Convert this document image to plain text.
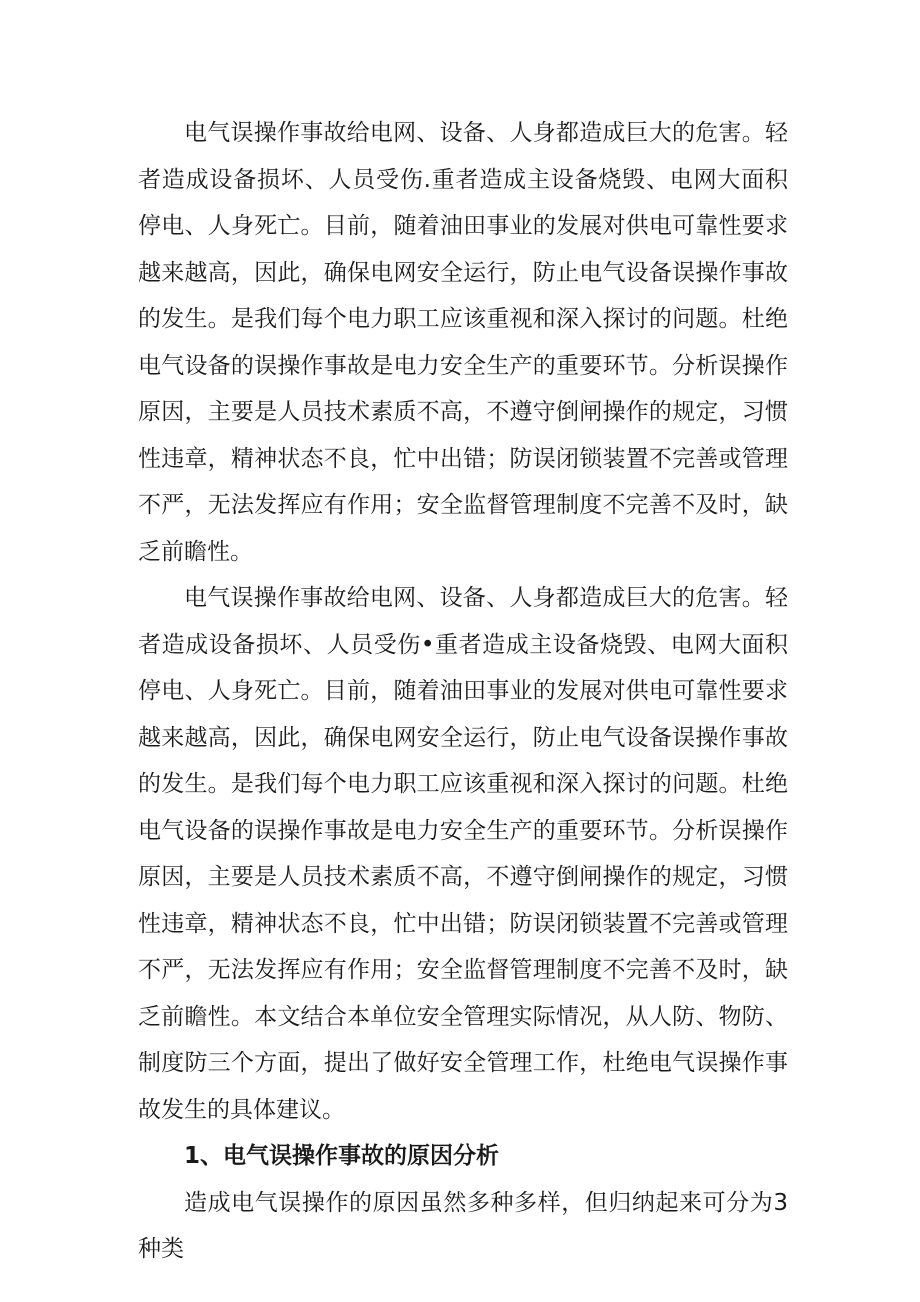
电气误操作事故给电网、设备、人身都造成巨大的危害。轻者造成设备损坏、人员受伤.重者造成主设备烧毁、电网大面积停电、人身死亡。目前，随着油田事业的发展对供电可靠性要求越来越高，因此，确保电网安全运行，防止电气设备误操作事故的发生。是我们每个电力职工应该重视和深入探讨的问题。杜绝电气设备的误操作事故是电力安全生产的重要环节。分析误操作原因，主要是人员技术素质不高，不遵守倒闸操作的规定，习惯性违章，精神状态不良，忙中出错；防误闭锁装置不完善或管理不严，无法发挥应有作用；安全监督管理制度不完善不及时，缺乏前瞻性。

电气误操作事故给电网、设备、人身都造成巨大的危害。轻者造成设备损坏、人员受伤•重者造成主设备烧毁、电网大面积停电、人身死亡。目前，随着油田事业的发展对供电可靠性要求越来越高，因此，确保电网安全运行，防止电气设备误操作事故的发生。是我们每个电力职工应该重视和深入探讨的问题。杜绝电气设备的误操作事故是电力安全生产的重要环节。分析误操作原因，主要是人员技术素质不高，不遵守倒闸操作的规定，习惯性违章，精神状态不良，忙中出错；防误闭锁装置不完善或管理不严，无法发挥应有作用；安全监督管理制度不完善不及时，缺乏前瞻性。本文结合本单位安全管理实际情况，从人防、物防、制度防三个方面，提出了做好安全管理工作，杜绝电气误操作事故发生的具体建议。

1、电气误操作事故的原因分析

造成电气误操作的原因虽然多种多样，但归纳起来可分为3种类
